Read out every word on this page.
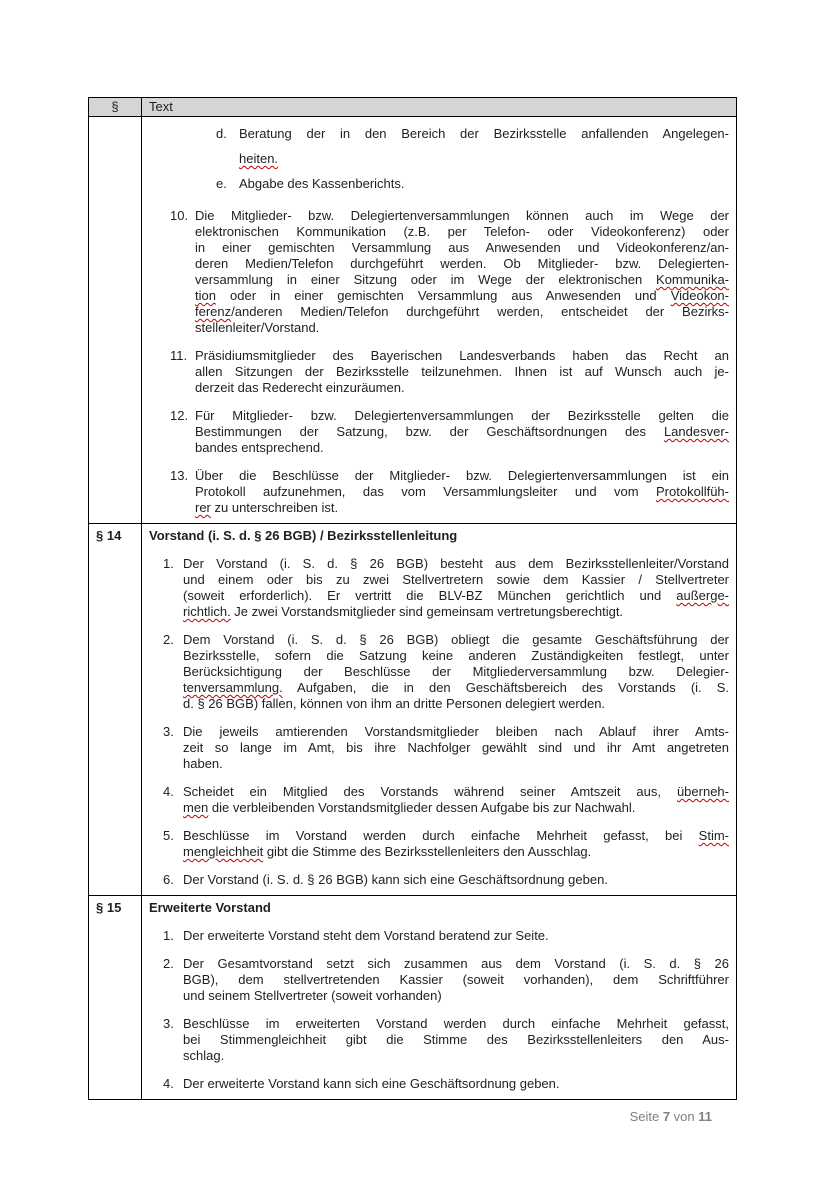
§	Text

d. Beratung der in den Bereich der Bezirksstelle anfallenden Angelegen-
heiten.
e. Abgabe des Kassenberichts.
10. Die Mitglieder- bzw. Delegiertenversammlungen können auch im Wege der
elektronischen Kommunikation (z.B. per Telefon- oder Videokonferenz) oder
in einer gemischten Versammlung aus Anwesenden und Videokonferenz/an-
deren Medien/Telefon durchgeführt werden. Ob Mitglieder- bzw. Delegierten-
versammlung in einer Sitzung oder im Wege der elektronischen Kommunika-
tion oder in einer gemischten Versammlung aus Anwesenden und Videokon-
ferenz/anderen Medien/Telefon durchgeführt werden, entscheidet der Bezirks-
stellenleiter/Vorstand.
11. Präsidiumsmitglieder des Bayerischen Landesverbands haben das Recht an
allen Sitzungen der Bezirksstelle teilzunehmen. Ihnen ist auf Wunsch auch je-
derzeit das Rederecht einzuräumen.
12. Für Mitglieder- bzw. Delegiertenversammlungen der Bezirksstelle gelten die
Bestimmungen der Satzung, bzw. der Geschäftsordnungen des Landesver-
bandes entsprechend.
13. Über die Beschlüsse der Mitglieder- bzw. Delegiertenversammlungen ist ein
Protokoll aufzunehmen, das vom Versammlungsleiter und vom Protokollfüh-
rer zu unterschreiben ist.

§ 14	Vorstand (i. S. d. § 26 BGB) / Bezirksstellenleitung
1. Der Vorstand (i. S. d. § 26 BGB) besteht aus dem Bezirksstellenleiter/Vorstand
und einem oder bis zu zwei Stellvertretern sowie dem Kassier / Stellvertreter
(soweit erforderlich). Er vertritt die BLV-BZ München gerichtlich und außerge-
richtlich. Je zwei Vorstandsmitglieder sind gemeinsam vertretungsberechtigt.
2. Dem Vorstand (i. S. d. § 26 BGB) obliegt die gesamte Geschäftsführung der
Bezirksstelle, sofern die Satzung keine anderen Zuständigkeiten festlegt, unter
Berücksichtigung der Beschlüsse der Mitgliederversammlung bzw. Delegier-
tenversammlung. Aufgaben, die in den Geschäftsbereich des Vorstands (i. S.
d. § 26 BGB) fallen, können von ihm an dritte Personen delegiert werden.
3. Die jeweils amtierenden Vorstandsmitglieder bleiben nach Ablauf ihrer Amts-
zeit so lange im Amt, bis ihre Nachfolger gewählt sind und ihr Amt angetreten
haben.
4. Scheidet ein Mitglied des Vorstands während seiner Amtszeit aus, überneh-
men die verbleibenden Vorstandsmitglieder dessen Aufgabe bis zur Nachwahl.
5. Beschlüsse im Vorstand werden durch einfache Mehrheit gefasst, bei Stim-
mengleichheit gibt die Stimme des Bezirksstellenleiters den Ausschlag.
6. Der Vorstand (i. S. d. § 26 BGB) kann sich eine Geschäftsordnung geben.

§ 15	Erweiterte Vorstand
1. Der erweiterte Vorstand steht dem Vorstand beratend zur Seite.
2. Der Gesamtvorstand setzt sich zusammen aus dem Vorstand (i. S. d. § 26
BGB), dem stellvertretenden Kassier (soweit vorhanden), dem Schriftführer
und seinem Stellvertreter (soweit vorhanden)
3. Beschlüsse im erweiterten Vorstand werden durch einfache Mehrheit gefasst,
bei Stimmengleichheit gibt die Stimme des Bezirksstellenleiters den Aus-
schlag.
4. Der erweiterte Vorstand kann sich eine Geschäftsordnung geben.
Seite 7 von 11
